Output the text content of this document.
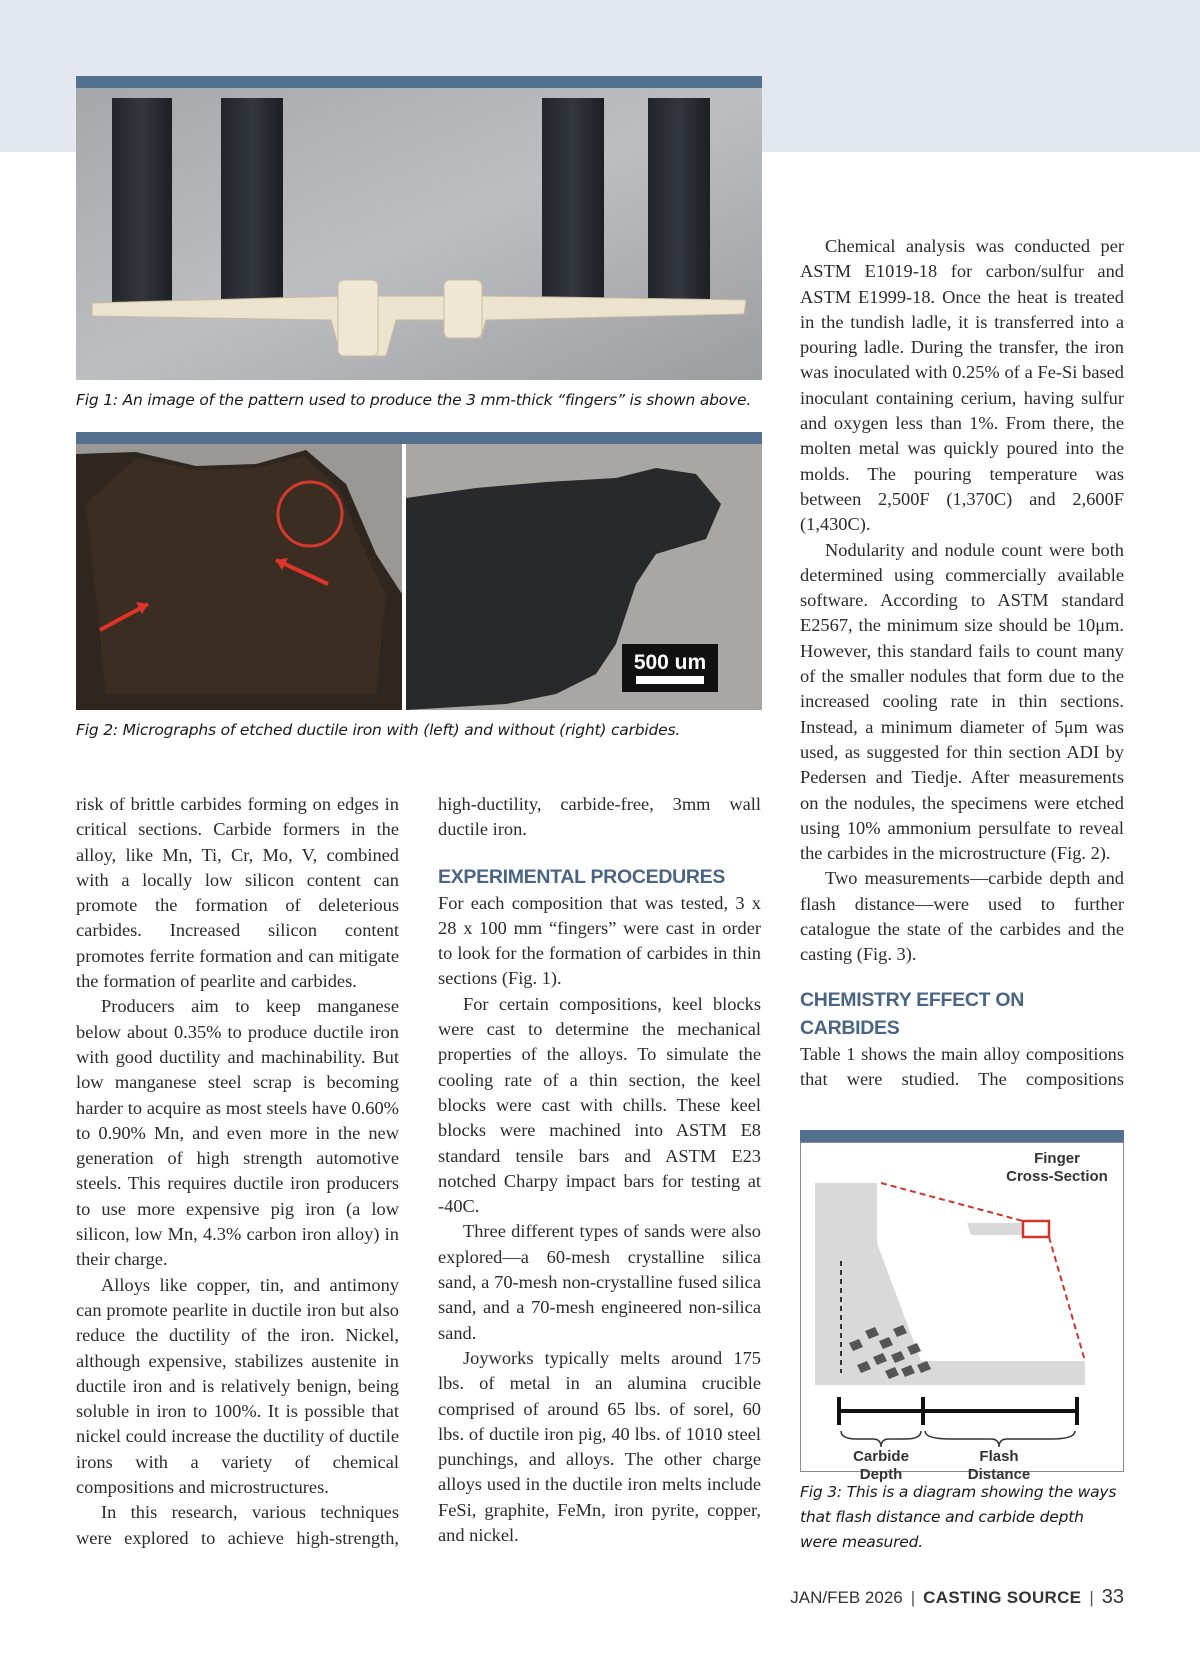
Fig 1: An image of the pattern used to produce the 3 mm-thick “fingers” is shown above.
500 um
Fig 2: Micrographs of etched ductile iron with (left) and without (right) carbides.

risk of brittle carbides forming on edges in critical sections. Carbide formers in the alloy, like Mn, Ti, Cr, Mo, V, combined with a locally low silicon content can promote the formation of deleterious carbides. Increased silicon content promotes ferrite formation and can mitigate the formation of pearlite and carbides.

Producers aim to keep manganese below about 0.35% to produce ductile iron with good ductility and machinability. But low manganese steel scrap is becoming harder to acquire as most steels have 0.60% to 0.90% Mn, and even more in the new generation of high strength automotive steels. This requires ductile iron producers to use more expensive pig iron (a low silicon, low Mn, 4.3% carbon iron alloy) in their charge.

Alloys like copper, tin, and antimony can promote pearlite in ductile iron but also reduce the ductility of the iron. Nickel, although expensive, stabilizes austenite in ductile iron and is relatively benign, being soluble in iron to 100%. It is possible that nickel could increase the ductility of ductile irons with a variety of chemical compositions and microstructures.

In this research, various techniques were explored to achieve high-strength,

high-ductility, carbide-free, 3mm wall ductile iron.

EXPERIMENTAL PROCEDURES

For each composition that was tested, 3 x 28 x 100 mm “fingers” were cast in order to look for the formation of carbides in thin sections (Fig. 1).

For certain compositions, keel blocks were cast to determine the mechanical properties of the alloys. To simulate the cooling rate of a thin section, the keel blocks were cast with chills. These keel blocks were machined into ASTM E8 standard tensile bars and ASTM E23 notched Charpy impact bars for testing at -40C.

Three different types of sands were also explored—a 60-mesh crystalline silica sand, a 70-mesh non-crystalline fused silica sand, and a 70-mesh engineered non-silica sand.

Joyworks typically melts around 175 lbs. of metal in an alumina crucible comprised of around 65 lbs. of sorel, 60 lbs. of ductile iron pig, 40 lbs. of 1010 steel punchings, and alloys. The other charge alloys used in the ductile iron melts include FeSi, graphite, FeMn, iron pyrite, copper, and nickel.

Chemical analysis was conducted per ASTM E1019-18 for carbon/sulfur and ASTM E1999-18. Once the heat is treated in the tundish ladle, it is transferred into a pouring ladle. During the transfer, the iron was inoculated with 0.25% of a Fe-Si based inoculant containing cerium, having sulfur and oxygen less than 1%. From there, the molten metal was quickly poured into the molds. The pouring temperature was between 2,500F (1,370C) and 2,600F (1,430C).

Nodularity and nodule count were both determined using commercially available software. According to ASTM standard E2567, the minimum size should be 10μm. However, this standard fails to count many of the smaller nodules that form due to the increased cooling rate in thin sections. Instead, a minimum diameter of 5μm was used, as suggested for thin section ADI by Pedersen and Tiedje. After measurements on the nodules, the specimens were etched using 10% ammonium persulfate to reveal the carbides in the microstructure (Fig. 2).

Two measurements—carbide depth and flash distance—were used to further catalogue the state of the carbides and the casting (Fig. 3).

CHEMISTRY EFFECT ON CARBIDES

Table 1 shows the main alloy compositions that were studied. The compositions

Finger
Cross-Section
Carbide
Depth
Flash
Distance
Fig 3: This is a diagram showing the ways
that flash distance and carbide depth
were measured.
JAN/FEB 2026 | CASTING SOURCE | 33
